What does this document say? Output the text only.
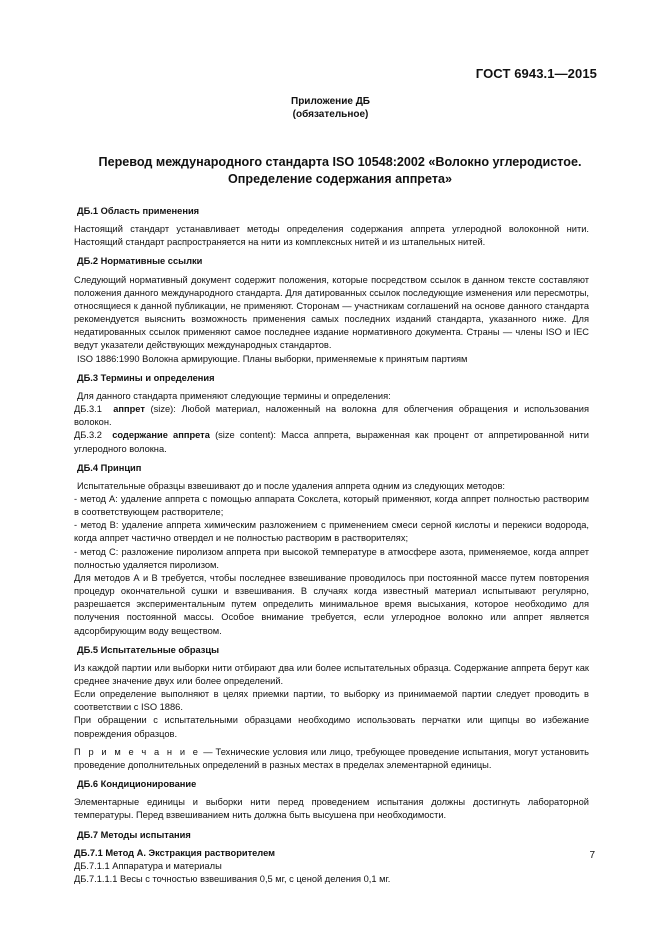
ГОСТ 6943.1—2015
Приложение ДБ
(обязательное)
Перевод международного стандарта ISO 10548:2002 «Волокно углеродистое.
Определение содержания аппрета»

ДБ.1 Область применения

Настоящий стандарт устанавливает методы определения содержания аппрета углеродной волоконной нити. Настоящий стандарт распространяется на нити из комплексных нитей и из штапельных нитей.

ДБ.2 Нормативные ссылки

Следующий нормативный документ содержит положения, которые посредством ссылок в данном тексте составляют положения данного международного стандарта. Для датированных ссылок последующие изменения или пересмотры, относящиеся к данной публикации, не применяют. Сторонам — участникам соглашений на основе данного стандарта рекомендуется выяснить возможность применения самых последних изданий стандарта, указанного ниже. Для недатированных ссылок применяют самое последнее издание нормативного документа. Страны — члены ISO и IEC ведут указатели действующих международных стандартов.

ISO 1886:1990 Волокна армирующие. Планы выборки, применяемые к принятым партиям

ДБ.3 Термины и определения

Для данного стандарта применяют следующие термины и определения:

ДБ.3.1 аппрет (size): Любой материал, наложенный на волокна для облегчения обращения и использования волокон.

ДБ.3.2 содержание аппрета (size content): Масса аппрета, выраженная как процент от аппретированной нити углеродного волокна.

ДБ.4 Принцип

Испытательные образцы взвешивают до и после удаления аппрета одним из следующих методов:

- метод А: удаление аппрета с помощью аппарата Сокслета, который применяют, когда аппрет полностью растворим в соответствующем растворителе;

- метод В: удаление аппрета химическим разложением с применением смеси серной кислоты и перекиси водорода, когда аппрет частично отвердел и не полностью растворим в растворителях;

- метод С: разложение пиролизом аппрета при высокой температуре в атмосфере азота, применяемое, когда аппрет полностью удаляется пиролизом.

Для методов А и В требуется, чтобы последнее взвешивание проводилось при постоянной массе путем повторения процедур окончательной сушки и взвешивания. В случаях когда известный материал испытывают регулярно, разрешается экспериментальным путем определить минимальное время высыхания, которое необходимо для получения постоянной массы. Особое внимание требуется, если углеродное волокно или аппрет является адсорбирующим воду веществом.

ДБ.5 Испытательные образцы

Из каждой партии или выборки нити отбирают два или более испытательных образца. Содержание аппрета берут как среднее значение двух или более определений.

Если определение выполняют в целях приемки партии, то выборку из принимаемой партии следует проводить в соответствии с ISO 1886.

При обращении с испытательными образцами необходимо использовать перчатки или щипцы во избежание повреждения образцов.

П р и м е ч а н и е — Технические условия или лицо, требующее проведение испытания, могут установить проведение дополнительных определений в разных местах в пределах элементарной единицы.

ДБ.6 Кондиционирование

Элементарные единицы и выборки нити перед проведением испытания должны достигнуть лабораторной температуры. Перед взвешиванием нить должна быть высушена при необходимости.

ДБ.7 Методы испытания

ДБ.7.1 Метод А. Экстракция растворителем

ДБ.7.1.1 Аппаратура и материалы

ДБ.7.1.1.1 Весы с точностью взвешивания 0,5 мг, с ценой деления 0,1 мг.

7
